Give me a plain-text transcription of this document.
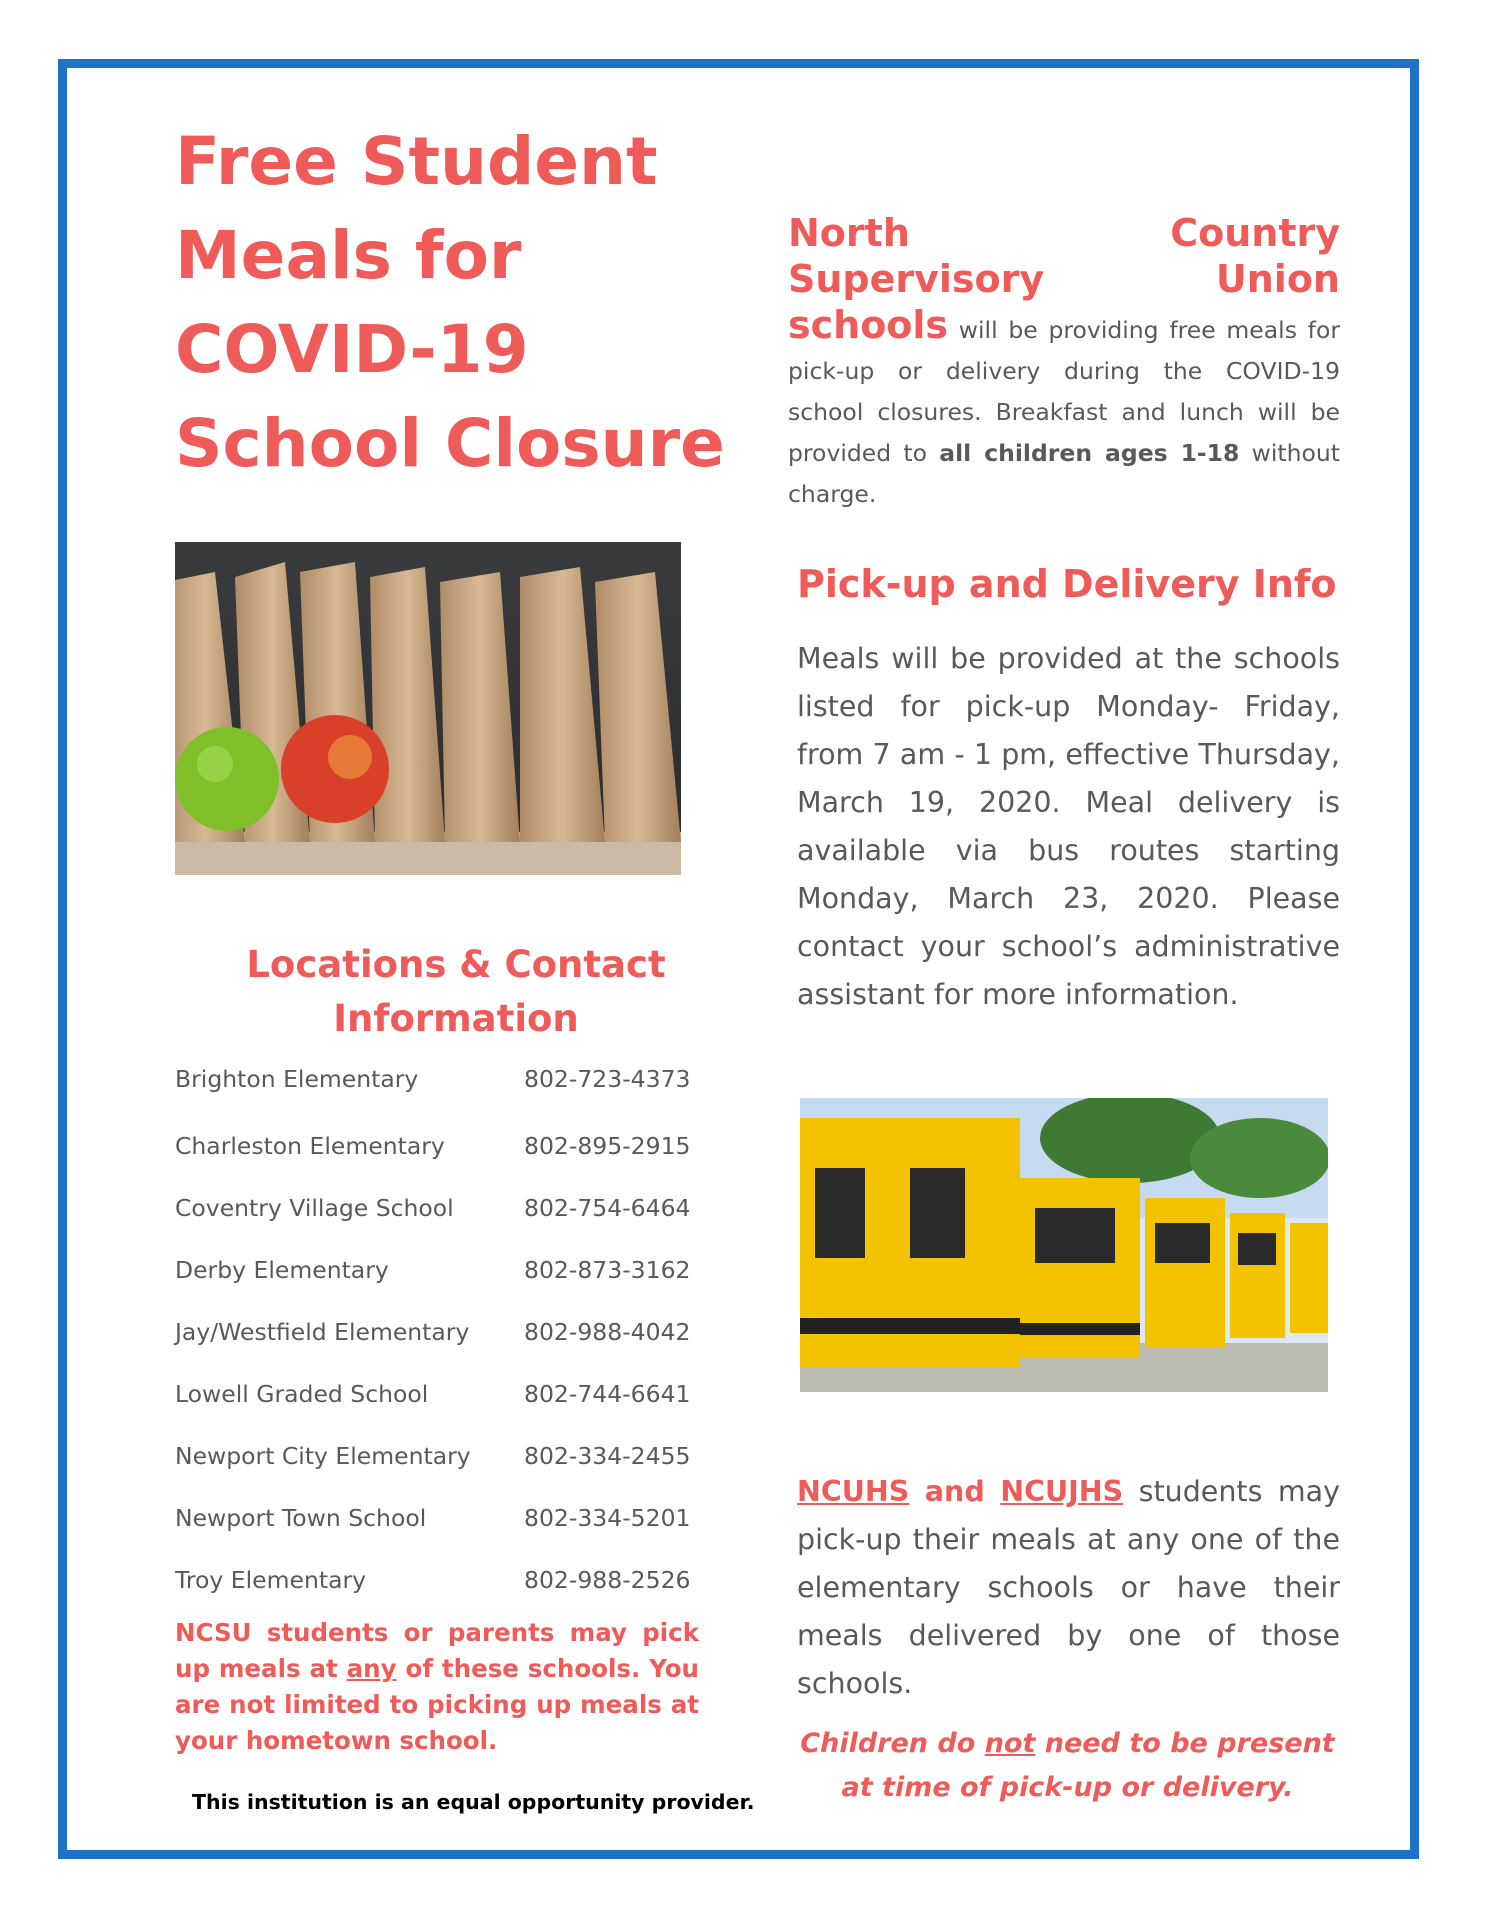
Free Student Meals for COVID-19 School Closure
North Country Supervisory Union schools will be providing free meals for pick-up or delivery during the COVID-19 school closures. Breakfast and lunch will be provided to all children ages 1-18 without charge.
Pick-up and Delivery Info
Meals will be provided at the schools listed for pick-up Monday- Friday, from 7 am - 1 pm, effective Thursday, March 19, 2020. Meal delivery is available via bus routes starting Monday, March 23, 2020. Please contact your school’s administrative assistant for more information.
Locations & Contact Information
Brighton Elementary	802-723-4373
Charleston Elementary	802-895-2915
Coventry Village School	802-754-6464
Derby Elementary	802-873-3162
Jay/Westfield Elementary 802-988-4042
Lowell Graded School	802-744-6641
Newport City Elementary 802-334-2455
Newport Town School	802-334-5201
Troy Elementary	802-988-2526
NCSU students or parents may pick up meals at any of these schools. You are not limited to picking up meals at your hometown school.
This institution is an equal opportunity provider.
NCUHS and NCUJHS students may pick-up their meals at any one of the elementary schools or have their meals delivered by one of those schools.
Children do not need to be present at time of pick-up or delivery.
